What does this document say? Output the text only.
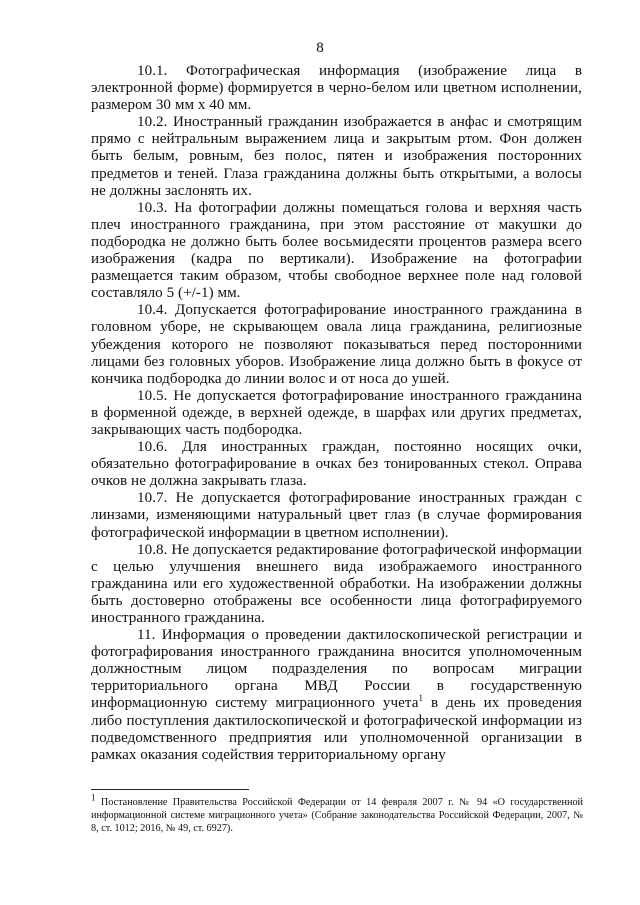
8

10.1. Фотографическая информация (изображение лица в электронной форме) формируется в черно-белом или цветном исполнении, размером 30 мм х 40 мм.

10.2. Иностранный гражданин изображается в анфас и смотрящим прямо с нейтральным выражением лица и закрытым ртом. Фон должен быть белым, ровным, без полос, пятен и изображения посторонних предметов и теней. Глаза гражданина должны быть открытыми, а волосы не должны заслонять их.

10.3. На фотографии должны помещаться голова и верхняя часть плеч иностранного гражданина, при этом расстояние от макушки до подбородка не должно быть более восьмидесяти процентов размера всего изображения (кадра по вертикали). Изображение на фотографии размещается таким образом, чтобы свободное верхнее поле над головой составляло 5 (+/-1) мм.

10.4. Допускается фотографирование иностранного гражданина в головном уборе, не скрывающем овала лица гражданина, религиозные убеждения которого не позволяют показываться перед посторонними лицами без головных уборов. Изображение лица должно быть в фокусе от кончика подбородка до линии волос и от носа до ушей.

10.5. Не допускается фотографирование иностранного гражданина в форменной одежде, в верхней одежде, в шарфах или других предметах, закрывающих часть подбородка.

10.6. Для иностранных граждан, постоянно носящих очки, обязательно фотографирование в очках без тонированных стекол. Оправа очков не должна закрывать глаза.

10.7. Не допускается фотографирование иностранных граждан с линзами, изменяющими натуральный цвет глаз (в случае формирования фотографической информации в цветном исполнении).

10.8. Не допускается редактирование фотографической информации с целью улучшения внешнего вида изображаемого иностранного гражданина или его художественной обработки. На изображении должны быть достоверно отображены все особенности лица фотографируемого иностранного гражданина.

11. Информация о проведении дактилоскопической регистрации и фотографирования иностранного гражданина вносится уполномоченным должностным лицом подразделения по вопросам миграции территориального органа МВД России в государственную информационную систему миграционного учета$^1$ в день их проведения либо поступления дактилоскопической и фотографической информации из подведомственного предприятия или уполномоченной организации в рамках оказания содействия территориальному органу

$^1$ Постановление Правительства Российской Федерации от 14 февраля 2007 г. № 94 «О государственной информационной системе миграционного учета» (Собрание законодательства Российской Федерации, 2007, № 8, ст. 1012; 2016, № 49, ст. 6927).
